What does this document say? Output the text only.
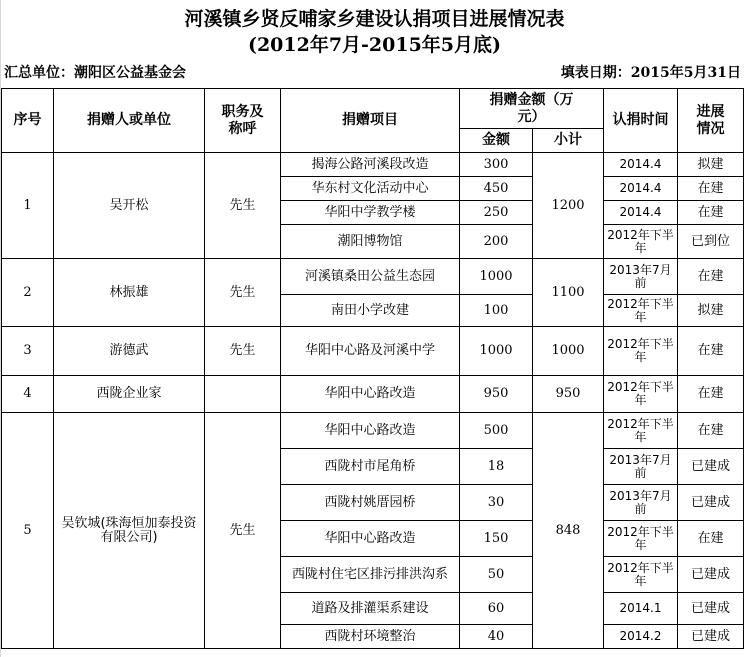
河溪镇乡贤反哺家乡建设认捐项目进展情况表
(2012年7月-2015年5月底)
汇总单位：潮阳区公益基金会	填表日期：2015年5月31日
序号	捐赠人或单位	职务及称呼	捐赠项目	捐赠金额（万元）		认捐时间	进展情况
				金额	小计		
1	吴开松	先生	揭海公路河溪段改造	300	1200	2014.4	拟建
			华东村文化活动中心	450		2014.4	在建
			华阳中学教学楼	250		2014.4	在建
			潮阳博物馆	200		2012年下半年	已到位
2	林振雄	先生	河溪镇桑田公益生态园	1000	1100	2013年7月前	在建
			南田小学改建	100		2012年下半年	拟建
3	游德武	先生	华阳中心路及河溪中学	1000	1000	2012年下半年	在建
4	西陇企业家		华阳中心路改造	950	950	2012年下半年	在建
5	吴钦城(珠海恒加泰投资有限公司)	先生	华阳中心路改造	500	848	2012年下半年	在建
			西陇村市尾角桥	18		2013年7月前	已建成
			西陇村姚厝园桥	30		2013年7月前	已建成
			华阳中心路改造	150		2012年下半年	在建
			西陇村住宅区排污排洪沟系	50		2012年下半年	已建成
			道路及排灌渠系建设	60		2014.1	已建成
			西陇村环境整治	40		2014.2	已建成
